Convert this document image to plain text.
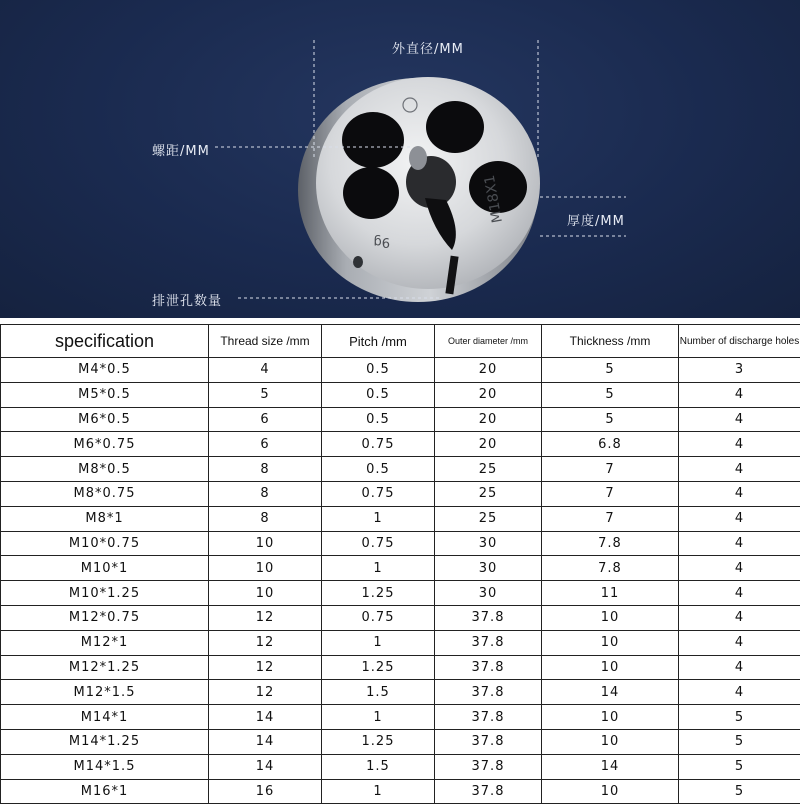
M18X1
9g
外直径/MM
螺距/MM
厚度/MM
排泄孔数量
specification	Thread size /mm	Pitch /mm	Outer diameter /mm	Thickness /mm	Number of discharge holes
M4*0.5	4	0.5	20	5	3
M5*0.5	5	0.5	20	5	4
M6*0.5	6	0.5	20	5	4
M6*0.75	6	0.75	20	6.8	4
M8*0.5	8	0.5	25	7	4
M8*0.75	8	0.75	25	7	4
M8*1	8	1	25	7	4
M10*0.75	10	0.75	30	7.8	4
M10*1	10	1	30	7.8	4
M10*1.25	10	1.25	30	11	4
M12*0.75	12	0.75	37.8	10	4
M12*1	12	1	37.8	10	4
M12*1.25	12	1.25	37.8	10	4
M12*1.5	12	1.5	37.8	14	4
M14*1	14	1	37.8	10	5
M14*1.25	14	1.25	37.8	10	5
M14*1.5	14	1.5	37.8	14	5
M16*1	16	1	37.8	10	5
